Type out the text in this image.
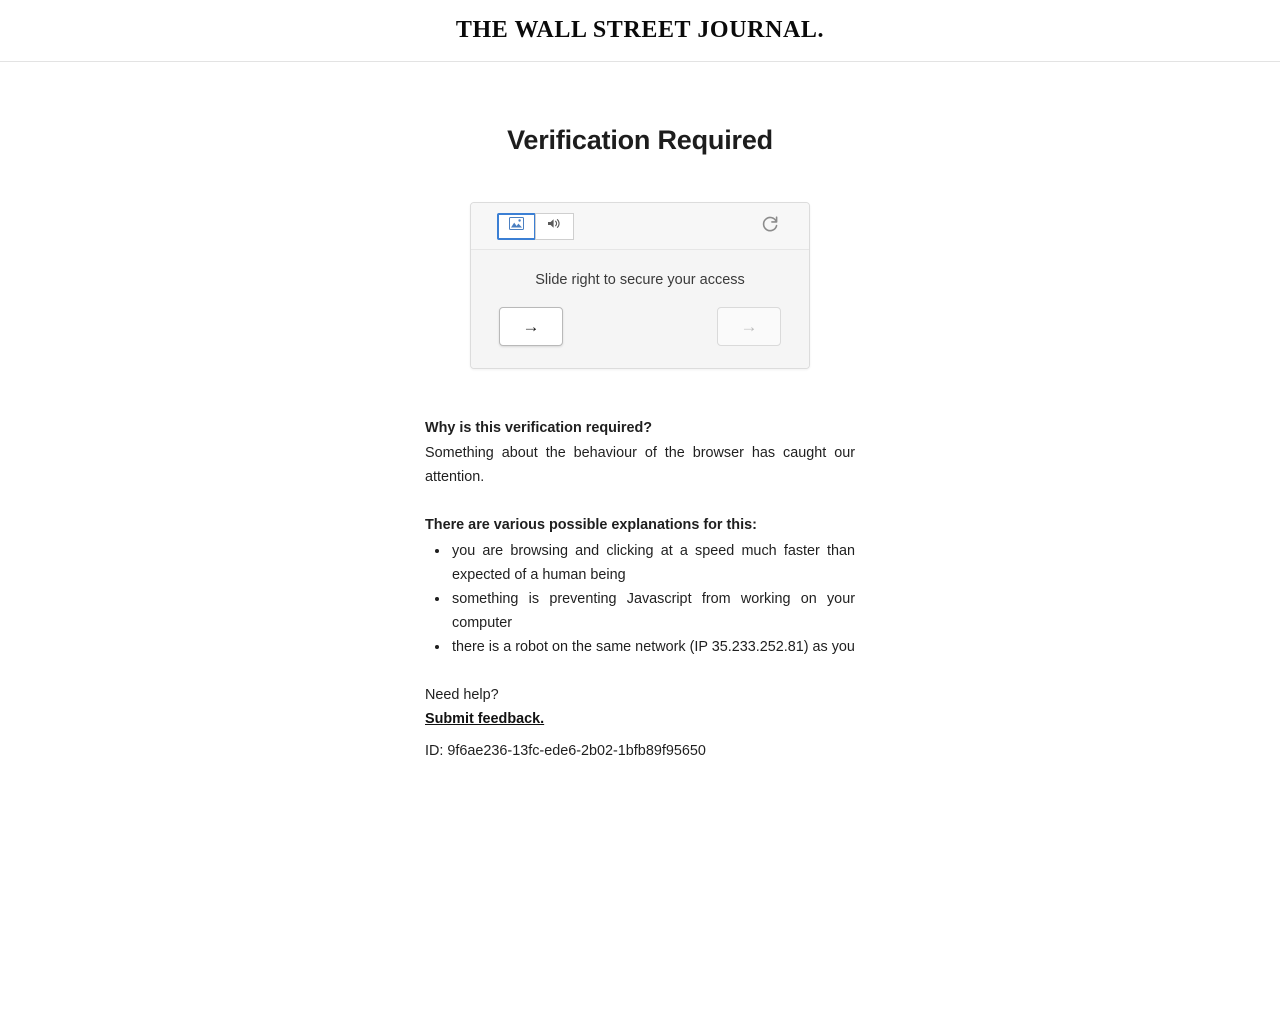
THE WALL STREET JOURNAL.
Verification Required
Slide right to secure your access
→	→
Why is this verification required?

Something about the behaviour of the browser has caught our attention.

There are various possible explanations for this:
• you are browsing and clicking at a speed much faster than expected of a human being
• something is preventing Javascript from working on your computer
• there is a robot on the same network (IP 35.233.252.81) as you
Need help?
Submit feedback.
ID: 9f6ae236-13fc-ede6-2b02-1bfb89f95650
